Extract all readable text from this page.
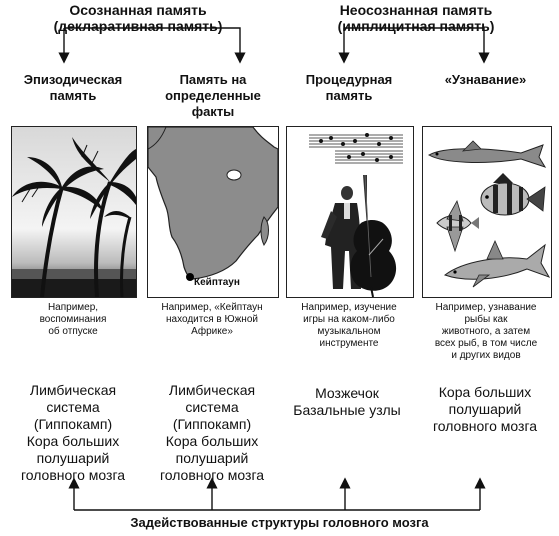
Осознанная память
(декларативная память)
Неосознанная память
(имплицитная память)
Эпизодическая
память
Память на
определенные
факты
Процедурная
память
«Узнавание»
Кейптаун
Например,
воспоминания
об отпуске
Например, «Кейптаун
находится в Южной
Африке»
Например, изучение
игры на каком-либо
музыкальном
инструменте
Например, узнавание
рыбы как
животного, а затем
всех рыб, в том числе
и других видов
Лимбическая
система
(Гиппокамп)
Кора больших
полушарий
головного мозга
Лимбическая
система
(Гиппокамп)
Кора больших
полушарий
головного мозга
Мозжечок
Базальные узлы
Кора больших
полушарий
головного мозга
Задействованные структуры головного мозга
